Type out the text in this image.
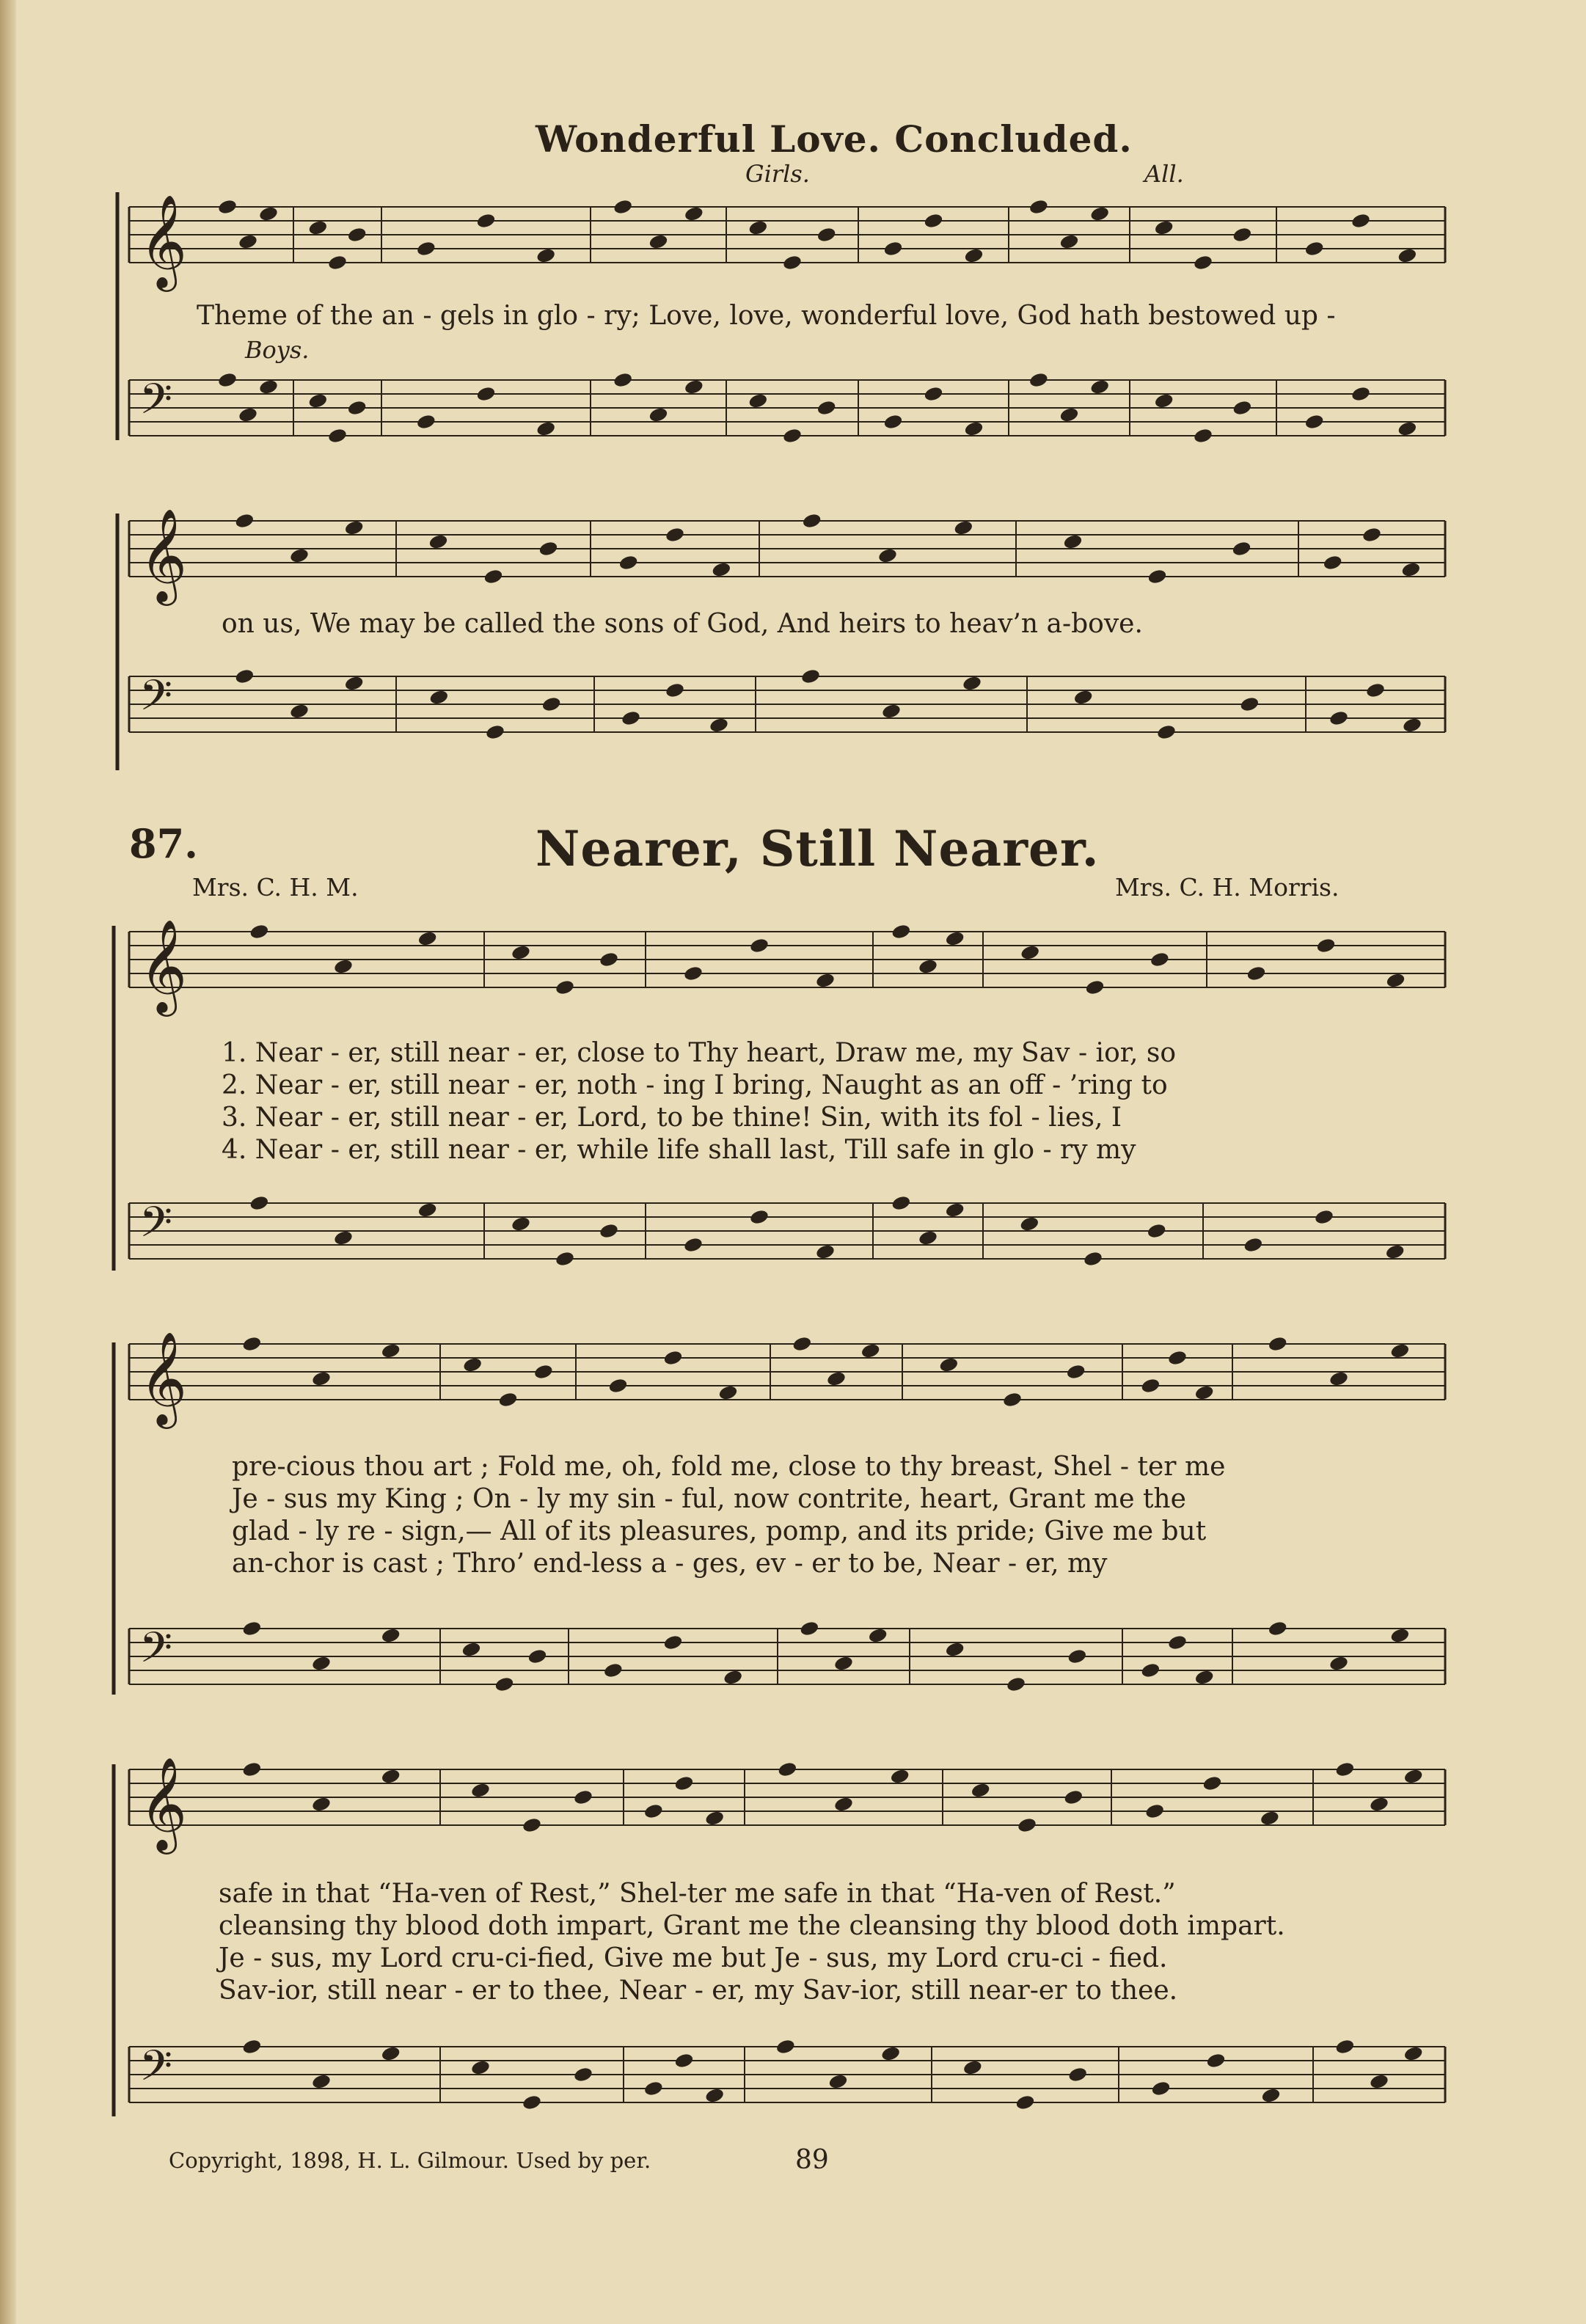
𝄞
𝄢
𝄞
𝄢
𝄞
𝄢
𝄞
𝄢
𝄞
𝄢
Wonderful Love. Concluded.
Girls.	All.
Theme of the an - gels in glo - ry; Love, love, wonderful love, God hath bestowed up -
Boys.
on us, We may be called the sons of God, And heirs to heav’n a-bove.
87.	Nearer, Still Nearer.
Mrs. C. H. M.	Mrs. C. H. Morris.
1. Near - er, still near - er, close to Thy heart, Draw me, my Sav - ior, so
2. Near - er, still near - er, noth - ing I bring, Naught as an off - ’ring to
3. Near - er, still near - er, Lord, to be thine! Sin, with its fol - lies, I
4. Near - er, still near - er, while life shall last, Till safe in glo - ry my
pre-cious thou art ; Fold me, oh, fold me, close to thy breast, Shel - ter me
Je - sus my King ; On - ly my sin - ful, now contrite, heart, Grant me the
glad - ly re - sign,— All of its pleasures, pomp, and its pride; Give me but
an-chor is cast ; Thro’ end-less a - ges, ev - er to be, Near - er, my
safe in that “Ha-ven of Rest,” Shel-ter me safe in that “Ha-ven of Rest.”
cleansing thy blood doth impart, Grant me the cleansing thy blood doth impart.
Je - sus, my Lord cru-ci-fied, Give me but Je - sus, my Lord cru-ci - fied.
Sav-ior, still near - er to thee, Near - er, my Sav-ior, still near-er to thee.
Copyright, 1898, H. L. Gilmour. Used by per.	89
